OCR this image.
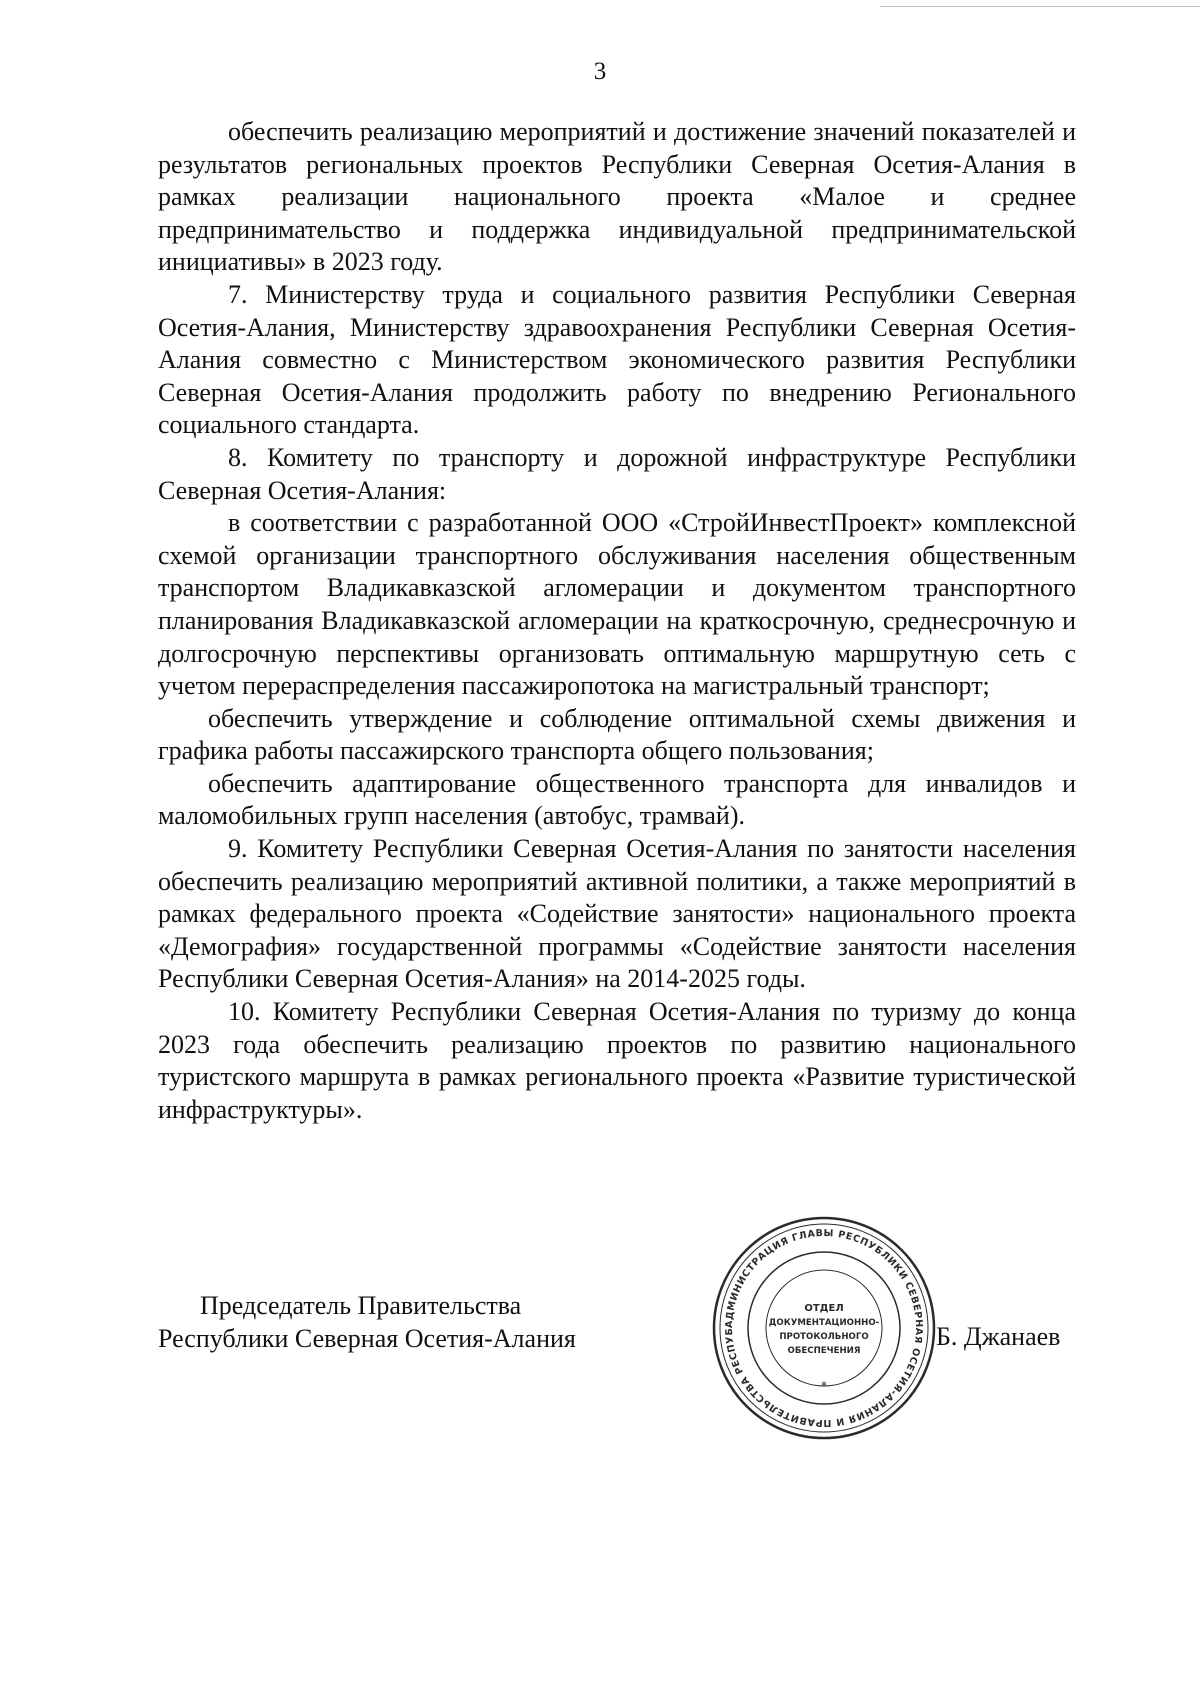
3

обеспечить реализацию мероприятий и достижение значений показателей и результатов региональных проектов Республики Северная Осетия-Алания в рамках реализации национального проекта «Малое и среднее предпринимательство и поддержка индивидуальной предпринимательской инициативы» в 2023 году.

7. Министерству труда и социального развития Республики Северная Осетия-Алания, Министерству здравоохранения Республики Северная Осетия-Алания совместно с Министерством экономического развития Республики Северная Осетия-Алания продолжить работу по внедрению Регионального социального стандарта.

8. Комитету по транспорту и дорожной инфраструктуре Республики Северная Осетия-Алания:

в соответствии с разработанной ООО «СтройИнвестПроект» комплексной схемой организации транспортного обслуживания населения общественным транспортом Владикавказской агломерации и документом транспортного планирования Владикавказской агломерации на краткосрочную, среднесрочную и долгосрочную перспективы организовать оптимальную маршрутную сеть с учетом перераспределения пассажиропотока на магистральный транспорт;

обеспечить утверждение и соблюдение оптимальной схемы движения и графика работы пассажирского транспорта общего пользования;

обеспечить адаптирование общественного транспорта для инвалидов и маломобильных групп населения (автобус, трамвай).

9. Комитету Республики Северная Осетия-Алания по занятости населения обеспечить реализацию мероприятий активной политики, а также мероприятий в рамках федерального проекта «Содействие занятости» национального проекта «Демография» государственной программы «Содействие занятости населения Республики Северная Осетия-Алания» на 2014-2025 годы.

10. Комитету Республики Северная Осетия-Алания по туризму до конца 2023 года обеспечить реализацию проектов по развитию национального туристского маршрута в рамках регионального проекта «Развитие туристической инфраструктуры».

Председатель Правительства
Республики Северная Осетия-Алания	АДМИНИСТРАЦИЯ ГЛАВЫ РЕСПУБЛИКИ СЕВЕРНАЯ ОСЕТИЯ-АЛАНИЯ И ПРАВИТЕЛЬСТВА РЕСПУБ
ОТДЕЛ
ДОКУМЕНТАЦИОННО-
ПРОТОКОЛЬНОГО
ОБЕСПЕЧЕНИЯ
*
Б. Джанаев
